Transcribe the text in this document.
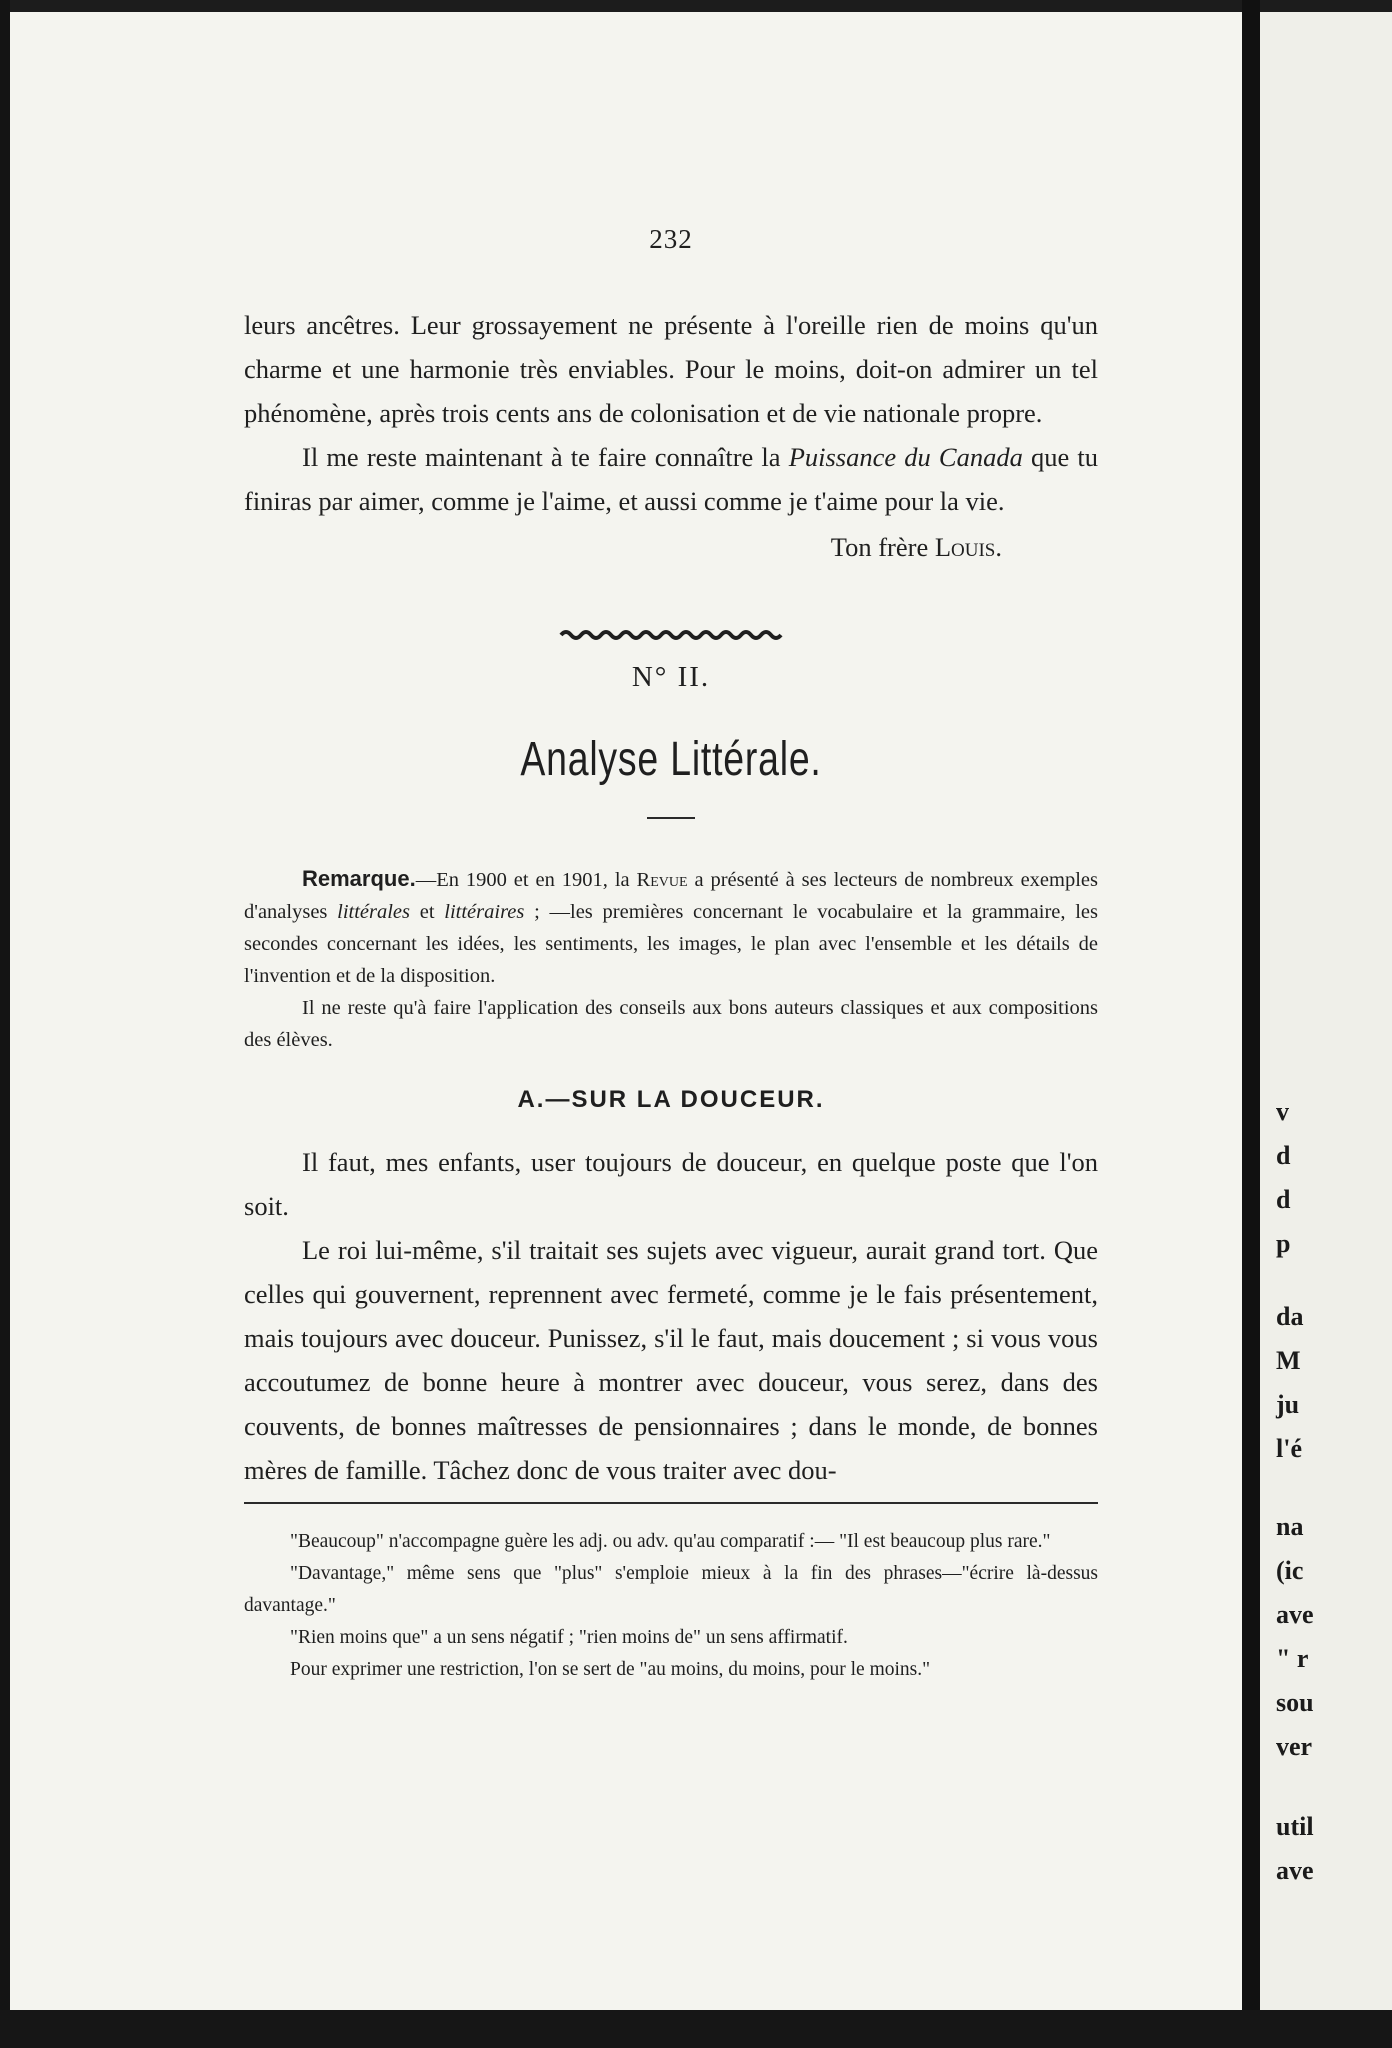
232

leurs ancêtres. Leur grossayement ne présente à l'oreille rien de moins qu'un charme et une harmonie très enviables. Pour le moins, doit-on admirer un tel phénomène, après trois cents ans de colonisation et de vie nationale propre.

Il me reste maintenant à te faire connaître la Puissance du Canada que tu finiras par aimer, comme je l'aime, et aussi comme je t'aime pour la vie.

Ton frère Louis.
N° II.
Analyse Littérale.

Remarque.—En 1900 et en 1901, la Revue a présenté à ses lecteurs de nombreux exemples d'analyses littérales et littéraires ; —les premières concernant le vocabulaire et la grammaire, les secondes concernant les idées, les sentiments, les images, le plan avec l'ensemble et les détails de l'invention et de la disposition.

Il ne reste qu'à faire l'application des conseils aux bons auteurs classiques et aux compositions des élèves.

A.—SUR LA DOUCEUR.

Il faut, mes enfants, user toujours de douceur, en quelque poste que l'on soit.

Le roi lui-même, s'il traitait ses sujets avec vigueur, aurait grand tort. Que celles qui gouvernent, reprennent avec fermeté, comme je le fais présentement, mais toujours avec douceur. Punissez, s'il le faut, mais doucement ; si vous vous accoutumez de bonne heure à montrer avec douceur, vous serez, dans des couvents, de bonnes maîtresses de pensionnaires ; dans le monde, de bonnes mères de famille. Tâchez donc de vous traiter avec dou-

"Beaucoup" n'accompagne guère les adj. ou adv. qu'au comparatif :— "Il est beaucoup plus rare."

"Davantage," même sens que "plus" s'emploie mieux à la fin des phrases—"écrire là-dessus davantage."

"Rien moins que" a un sens négatif ; "rien moins de" un sens affirmatif.

Pour exprimer une restriction, l'on se sert de "au moins, du moins, pour le moins."

v
d
d
p
da
M
ju
l'é
na
(ic
ave
" r
sou
ver
util
ave
